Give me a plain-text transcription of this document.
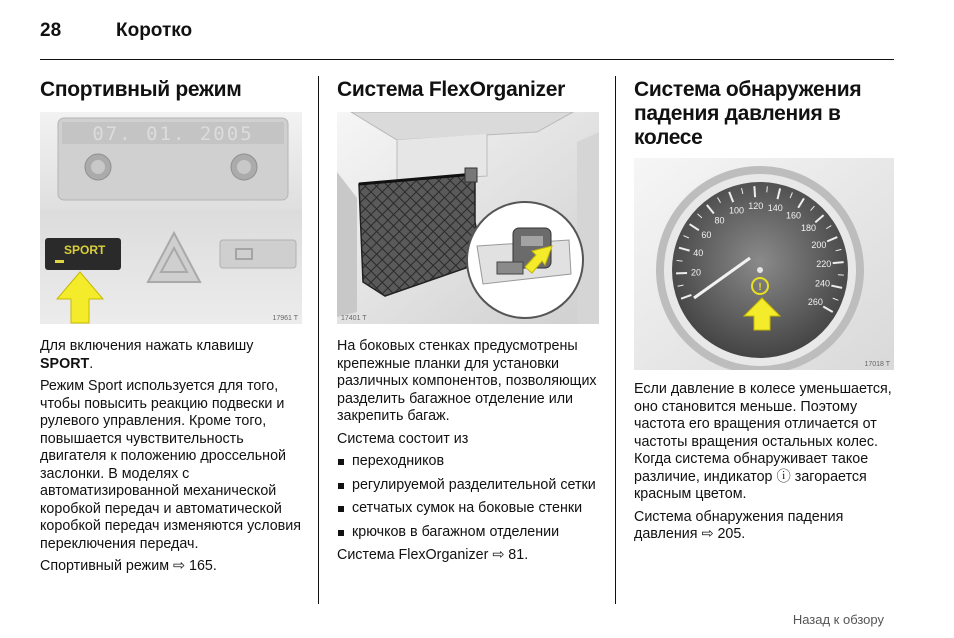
28	Коротко
Спортивный режим
07. 01. 2005
SPORT
17961 T

Для включения нажать клавишу SPORT.

Режим Sport используется для того, чтобы повысить реакцию подвески и рулевого управления. Кроме того, повышается чувствительность двигателя к положению дроссельной заслонки. В моделях с автоматизированной механической коробкой передач и автоматической коробкой передач изменяются условия переключения передач.

Спортивный режим ⇨ 165.

Система FlexOrganizer
17401 T

На боковых стенках предусмотрены крепежные планки для установки различных компонентов, позволяющих разделить багажное отделение или закрепить багаж.

Система состоит из

переходников
регулируемой разделительной сетки
сетчатых сумок на боковые стенки
крючков в багажном отделении

Система FlexOrganizer ⇨ 81.

Система обнаружения падения давления в колесе
20
40
60
80
100 120 140
160
180
200
220
240
260
!
17018 T

Если давление в колесе уменьшается, оно становится меньше. Поэтому частота его вращения отличается от частоты вращения остальных колес. Когда система обнаруживает такое различие, индикатор ⓘ загорается красным цветом.

Система обнаружения падения давления ⇨ 205.

Назад к обзору
